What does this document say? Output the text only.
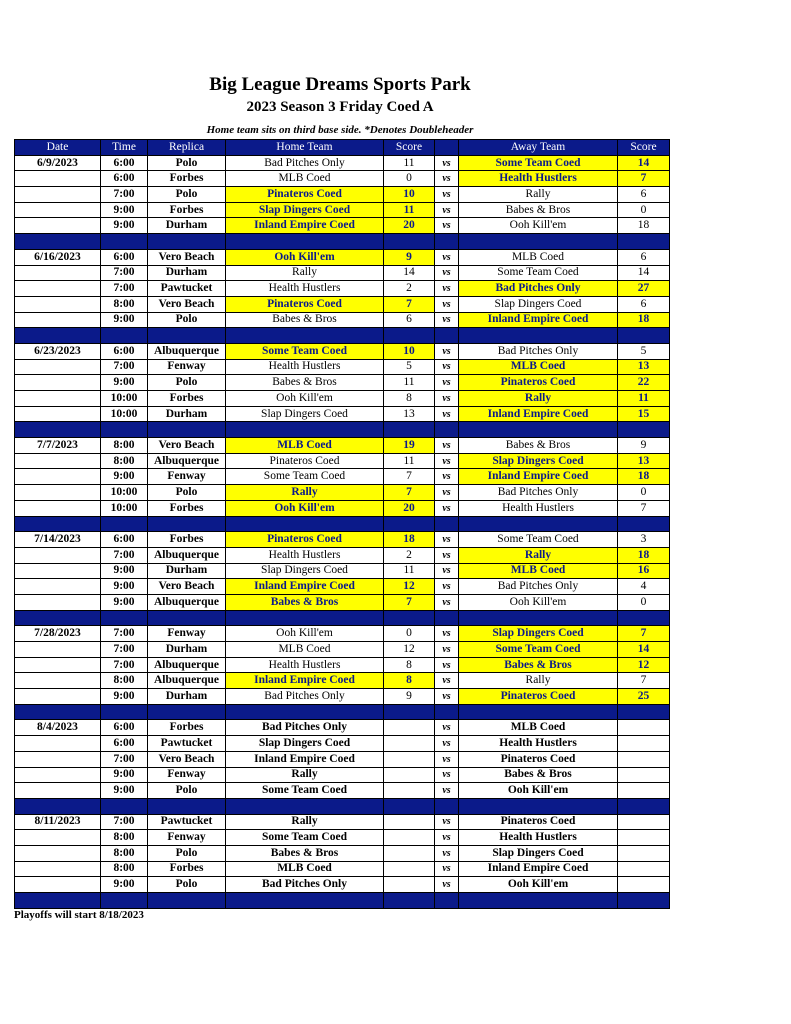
Big League Dreams Sports Park
2023 Season 3 Friday Coed A
Home team sits on third base side. *Denotes Doubleheader
Date	Time	Replica	Home Team	Score		Away Team	Score
6/9/2023	6:00	Polo	Bad Pitches Only	11	vs	Some Team Coed	14
	6:00	Forbes	MLB Coed	0	vs	Health Hustlers	7
	7:00	Polo	Pinateros Coed	10	vs	Rally	6
	9:00	Forbes	Slap Dingers Coed	11	vs	Babes & Bros	0
	9:00	Durham	Inland Empire Coed	20	vs	Ooh Kill'em	18

6/16/2023	6:00	Vero Beach	Ooh Kill'em	9	vs	MLB Coed	6
	7:00	Durham	Rally	14	vs	Some Team Coed	14
	7:00	Pawtucket	Health Hustlers	2	vs	Bad Pitches Only	27
	8:00	Vero Beach	Pinateros Coed	7	vs	Slap Dingers Coed	6
	9:00	Polo	Babes & Bros	6	vs	Inland Empire Coed	18

6/23/2023	6:00	Albuquerque	Some Team Coed	10	vs	Bad Pitches Only	5
	7:00	Fenway	Health Hustlers	5	vs	MLB Coed	13
	9:00	Polo	Babes & Bros	11	vs	Pinateros Coed	22
	10:00	Forbes	Ooh Kill'em	8	vs	Rally	11
	10:00	Durham	Slap Dingers Coed	13	vs	Inland Empire Coed	15

7/7/2023	8:00	Vero Beach	MLB Coed	19	vs	Babes & Bros	9
	8:00	Albuquerque	Pinateros Coed	11	vs	Slap Dingers Coed	13
	9:00	Fenway	Some Team Coed	7	vs	Inland Empire Coed	18
	10:00	Polo	Rally	7	vs	Bad Pitches Only	0
	10:00	Forbes	Ooh Kill'em	20	vs	Health Hustlers	7

7/14/2023	6:00	Forbes	Pinateros Coed	18	vs	Some Team Coed	3
	7:00	Albuquerque	Health Hustlers	2	vs	Rally	18
	9:00	Durham	Slap Dingers Coed	11	vs	MLB Coed	16
	9:00	Vero Beach	Inland Empire Coed	12	vs	Bad Pitches Only	4
	9:00	Albuquerque	Babes & Bros	7	vs	Ooh Kill'em	0

7/28/2023	7:00	Fenway	Ooh Kill'em	0	vs	Slap Dingers Coed	7
	7:00	Durham	MLB Coed	12	vs	Some Team Coed	14
	7:00	Albuquerque	Health Hustlers	8	vs	Babes & Bros	12
	8:00	Albuquerque	Inland Empire Coed	8	vs	Rally	7
	9:00	Durham	Bad Pitches Only	9	vs	Pinateros Coed	25

8/4/2023	6:00	Forbes	Bad Pitches Only		vs	MLB Coed	
	6:00	Pawtucket	Slap Dingers Coed		vs	Health Hustlers	
	7:00	Vero Beach	Inland Empire Coed		vs	Pinateros Coed	
	9:00	Fenway	Rally		vs	Babes & Bros	
	9:00	Polo	Some Team Coed		vs	Ooh Kill'em	

8/11/2023	7:00	Pawtucket	Rally		vs	Pinateros Coed	
	8:00	Fenway	Some Team Coed		vs	Health Hustlers	
	8:00	Polo	Babes & Bros		vs	Slap Dingers Coed	
	8:00	Forbes	MLB Coed		vs	Inland Empire Coed	
	9:00	Polo	Bad Pitches Only		vs	Ooh Kill'em	

Playoffs will start 8/18/2023
